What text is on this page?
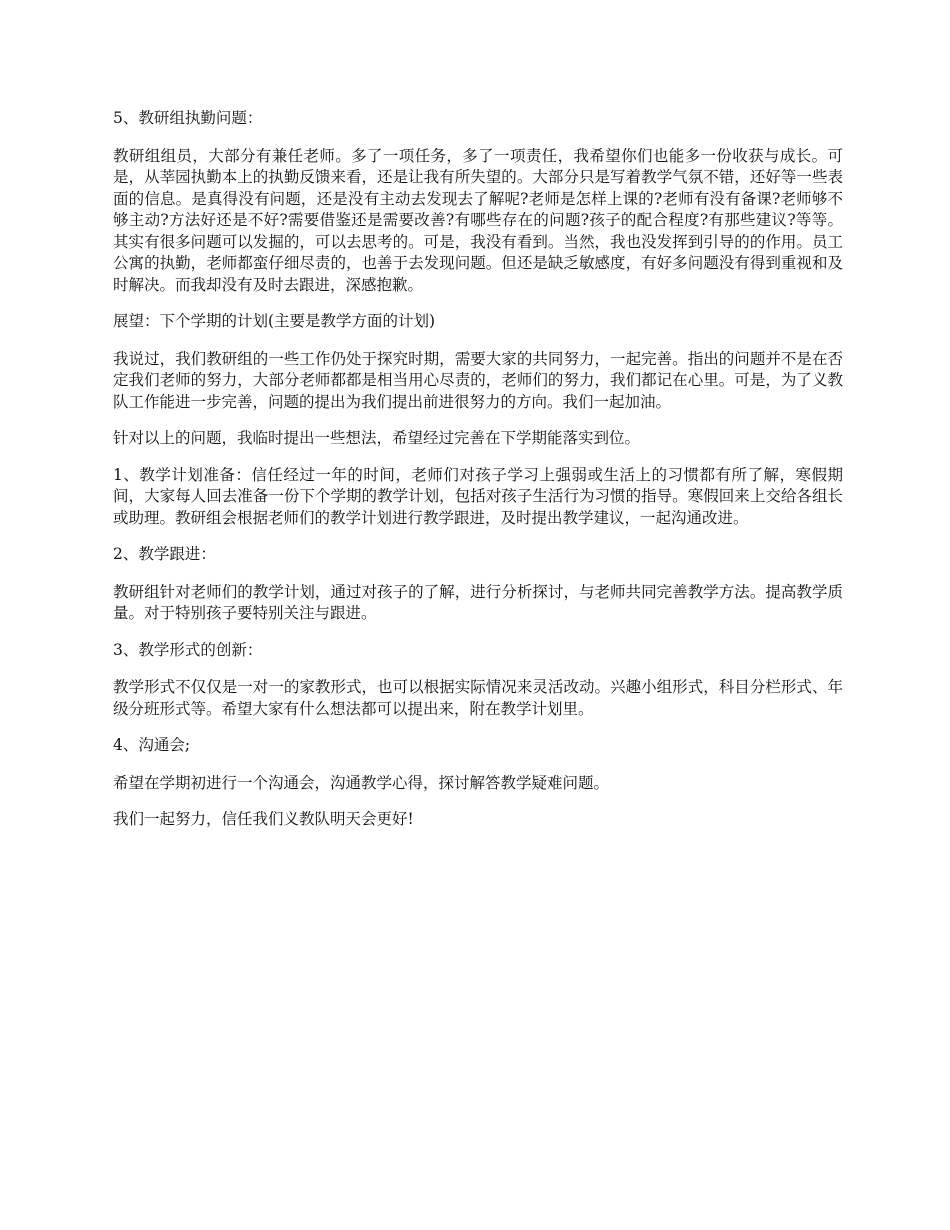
5、教研组执勤问题：

教研组组员，大部分有兼任老师。多了一项任务，多了一项责任，我希望你们也能多一份收获与成长。可是，从莘园执勤本上的执勤反馈来看，还是让我有所失望的。大部分只是写着教学气氛不错，还好等一些表面的信息。是真得没有问题，还是没有主动去发现去了解呢?老师是怎样上课的?老师有没有备课?老师够不够主动?方法好还是不好?需要借鉴还是需要改善?有哪些存在的问题?孩子的配合程度?有那些建议?等等。其实有很多问题可以发掘的，可以去思考的。可是，我没有看到。当然，我也没发挥到引导的的作用。员工公寓的执勤，老师都蛮仔细尽责的，也善于去发现问题。但还是缺乏敏感度，有好多问题没有得到重视和及时解决。而我却没有及时去跟进，深感抱歉。

展望：下个学期的计划(主要是教学方面的计划)

我说过，我们教研组的一些工作仍处于探究时期，需要大家的共同努力，一起完善。指出的问题并不是在否定我们老师的努力，大部分老师都都是相当用心尽责的，老师们的努力，我们都记在心里。可是，为了义教队工作能进一步完善，问题的提出为我们提出前进很努力的方向。我们一起加油。

针对以上的问题，我临时提出一些想法，希望经过完善在下学期能落实到位。

1、教学计划准备：信任经过一年的时间，老师们对孩子学习上强弱或生活上的习惯都有所了解，寒假期间，大家每人回去准备一份下个学期的教学计划，包括对孩子生活行为习惯的指导。寒假回来上交给各组长或助理。教研组会根据老师们的教学计划进行教学跟进，及时提出教学建议，一起沟通改进。

2、教学跟进：

教研组针对老师们的教学计划，通过对孩子的了解，进行分析探讨，与老师共同完善教学方法。提高教学质量。对于特别孩子要特别关注与跟进。

3、教学形式的创新：

教学形式不仅仅是一对一的家教形式，也可以根据实际情况来灵活改动。兴趣小组形式，科目分栏形式、年级分班形式等。希望大家有什么想法都可以提出来，附在教学计划里。

4、沟通会;

希望在学期初进行一个沟通会，沟通教学心得，探讨解答教学疑难问题。

我们一起努力，信任我们义教队明天会更好!
